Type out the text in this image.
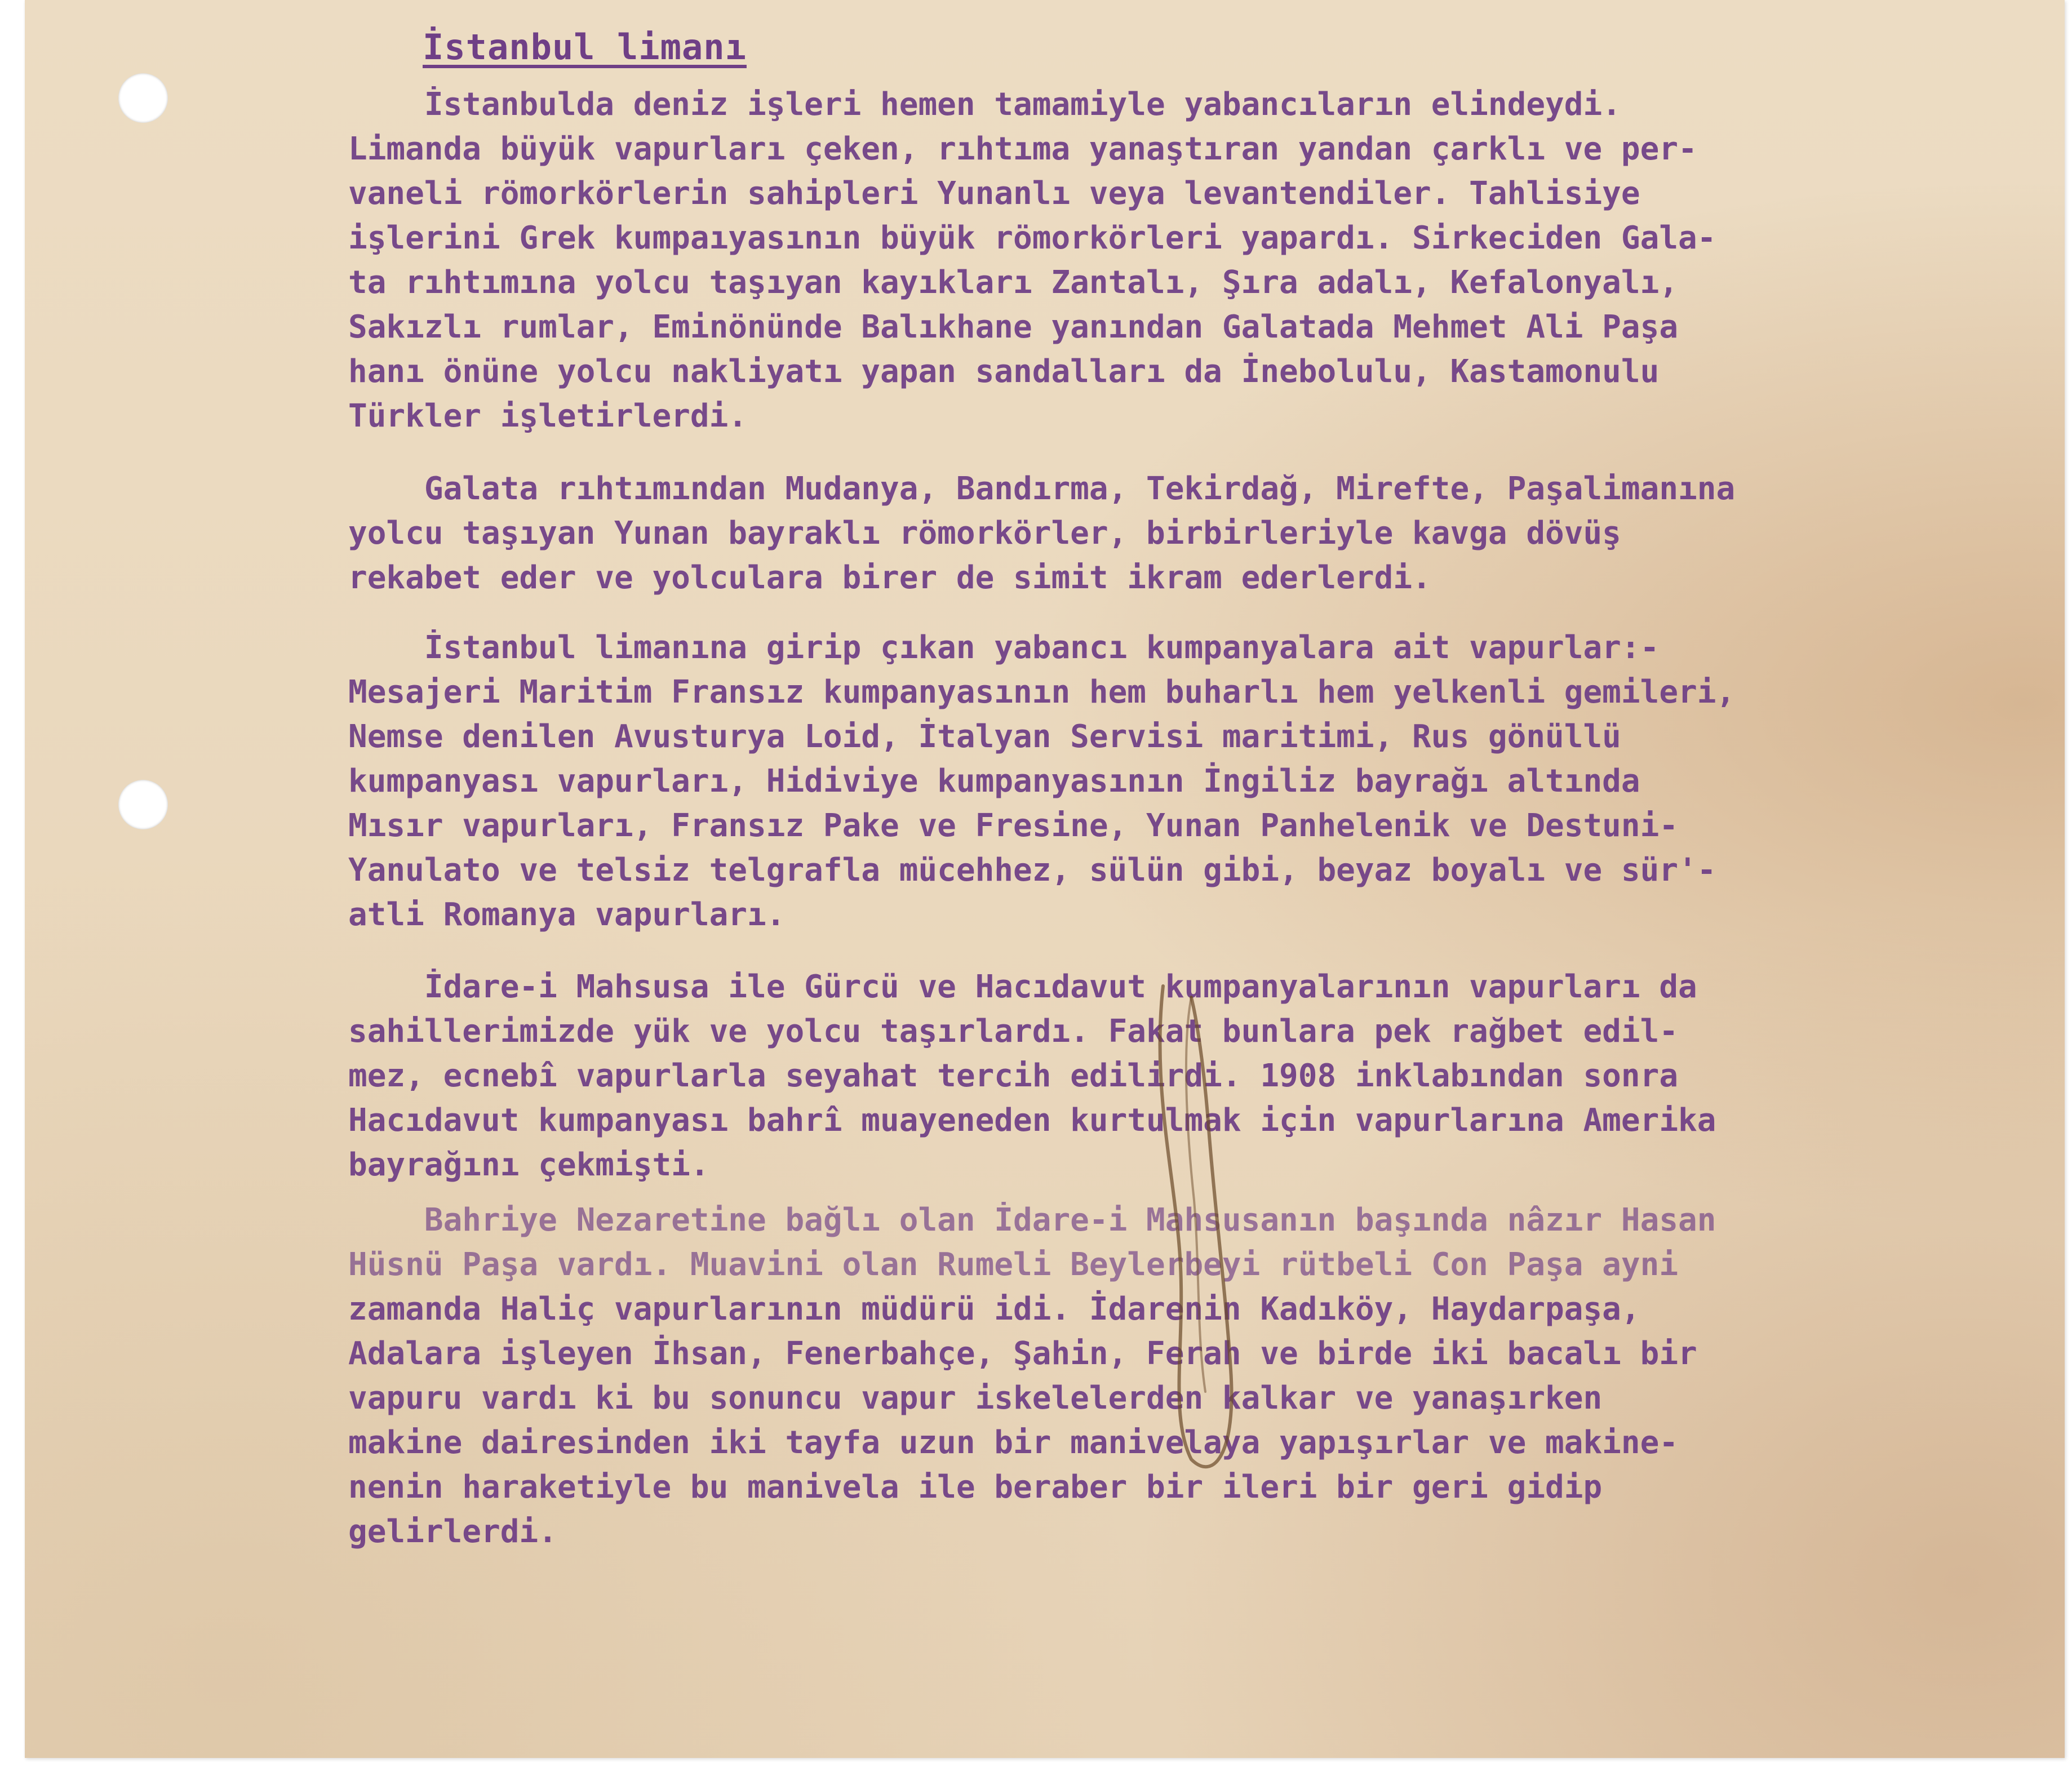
İstanbul limanı
İstanbulda deniz işleri hemen tamamiyle yabancıların elindeydi.
Limanda büyük vapurları çeken, rıhtıma yanaştıran yandan çarklı ve per-
vaneli römorkörlerin sahipleri Yunanlı veya levantendiler. Tahlisiye
işlerini Grek kumpaıyasının büyük römorkörleri yapardı. Sirkeciden Gala-
ta rıhtımına yolcu taşıyan kayıkları Zantalı, Şıra adalı, Kefalonyalı,
Sakızlı rumlar, Eminönünde Balıkhane yanından Galatada Mehmet Ali Paşa
hanı önüne yolcu nakliyatı yapan sandalları da İnebolulu, Kastamonulu
Türkler işletirlerdi.
Galata rıhtımından Mudanya, Bandırma, Tekirdağ, Mirefte, Paşalimanına
yolcu taşıyan Yunan bayraklı römorkörler, birbirleriyle kavga dövüş
rekabet eder ve yolculara birer de simit ikram ederlerdi.
İstanbul limanına girip çıkan yabancı kumpanyalara ait vapurlar:-
Mesajeri Maritim Fransız kumpanyasının hem buharlı hem yelkenli gemileri,
Nemse denilen Avusturya Loid, İtalyan Servisi maritimi, Rus gönüllü
kumpanyası vapurları, Hidiviye kumpanyasının İngiliz bayrağı altında
Mısır vapurları, Fransız Pake ve Fresine, Yunan Panhelenik ve Destuni-
Yanulato ve telsiz telgrafla mücehhez, sülün gibi, beyaz boyalı ve sür'-
atli Romanya vapurları.
İdare-i Mahsusa ile Gürcü ve Hacıdavut kumpanyalarının vapurları da
sahillerimizde yük ve yolcu taşırlardı. Fakat bunlara pek rağbet edil-
mez, ecnebî vapurlarla seyahat tercih edilirdi. 1908 inklabından sonra
Hacıdavut kumpanyası bahrî muayeneden kurtulmak için vapurlarına Amerika
bayrağını çekmişti.
Bahriye Nezaretine bağlı olan İdare-i Mahsusanın başında nâzır Hasan
Hüsnü Paşa vardı. Muavini olan Rumeli Beylerbeyi rütbeli Con Paşa ayni
zamanda Haliç vapurlarının müdürü idi. İdarenin Kadıköy, Haydarpaşa,
Adalara işleyen İhsan, Fenerbahçe, Şahin, Ferah ve birde iki bacalı bir
vapuru vardı ki bu sonuncu vapur iskelelerden kalkar ve yanaşırken
makine dairesinden iki tayfa uzun bir manivelaya yapışırlar ve makine-
nenin haraketiyle bu manivela ile beraber bir ileri bir geri gidip
gelirlerdi.
